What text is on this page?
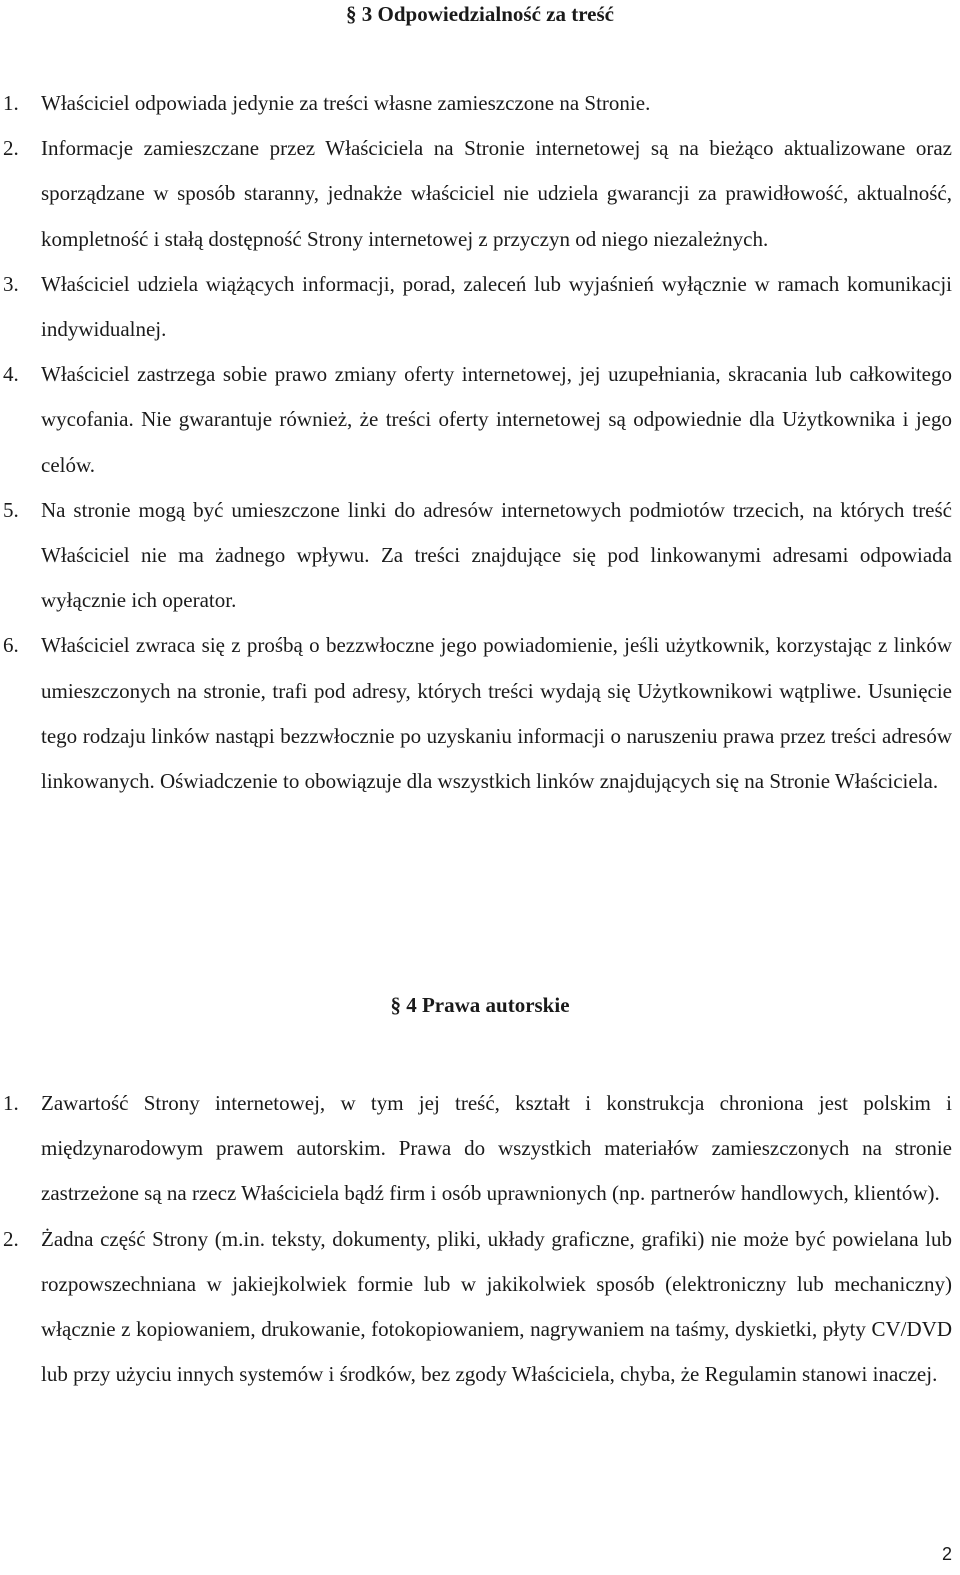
§ 3 Odpowiedzialność za treść
1. Właściciel odpowiada jedynie za treści własne zamieszczone na Stronie.
2. Informacje zamieszczane przez Właściciela na Stronie internetowej są na bieżąco aktualizowane oraz sporządzane w sposób staranny, jednakże właściciel nie udziela gwarancji za prawidłowość, aktualność, kompletność i stałą dostępność Strony internetowej z przyczyn od niego niezależnych.
3. Właściciel udziela wiążących informacji, porad, zaleceń lub wyjaśnień wyłącznie w ramach komunikacji indywidualnej.
4. Właściciel zastrzega sobie prawo zmiany oferty internetowej, jej uzupełniania, skracania lub całkowitego wycofania. Nie gwarantuje również, że treści oferty internetowej są odpowiednie dla Użytkownika i jego celów.
5. Na stronie mogą być umieszczone linki do adresów internetowych podmiotów trzecich, na których treść Właściciel nie ma żadnego wpływu. Za treści znajdujące się pod linkowanymi adresami odpowiada wyłącznie ich operator.
6. Właściciel zwraca się z prośbą o bezzwłoczne jego powiadomienie, jeśli użytkownik, korzystając z linków umieszczonych na stronie, trafi pod adresy, których treści wydają się Użytkownikowi wątpliwe. Usunięcie tego rodzaju linków nastąpi bezzwłocznie po uzyskaniu informacji o naruszeniu prawa przez treści adresów linkowanych. Oświadczenie to obowiązuje dla wszystkich linków znajdujących się na Stronie Właściciela.
§ 4 Prawa autorskie
1. Zawartość Strony internetowej, w tym jej treść, kształt i konstrukcja chroniona jest polskim i międzynarodowym prawem autorskim. Prawa do wszystkich materiałów zamieszczonych na stronie zastrzeżone są na rzecz Właściciela bądź firm i osób uprawnionych (np. partnerów handlowych, klientów).
2. Żadna część Strony (m.in. teksty, dokumenty, pliki, układy graficzne, grafiki) nie może być powielana lub rozpowszechniana w jakiejkolwiek formie lub w jakikolwiek sposób (elektroniczny lub mechaniczny) włącznie z kopiowaniem, drukowanie, fotokopiowaniem, nagrywaniem na taśmy, dyskietki, płyty CV/DVD lub przy użyciu innych systemów i środków, bez zgody Właściciela, chyba, że Regulamin stanowi inaczej.
2
